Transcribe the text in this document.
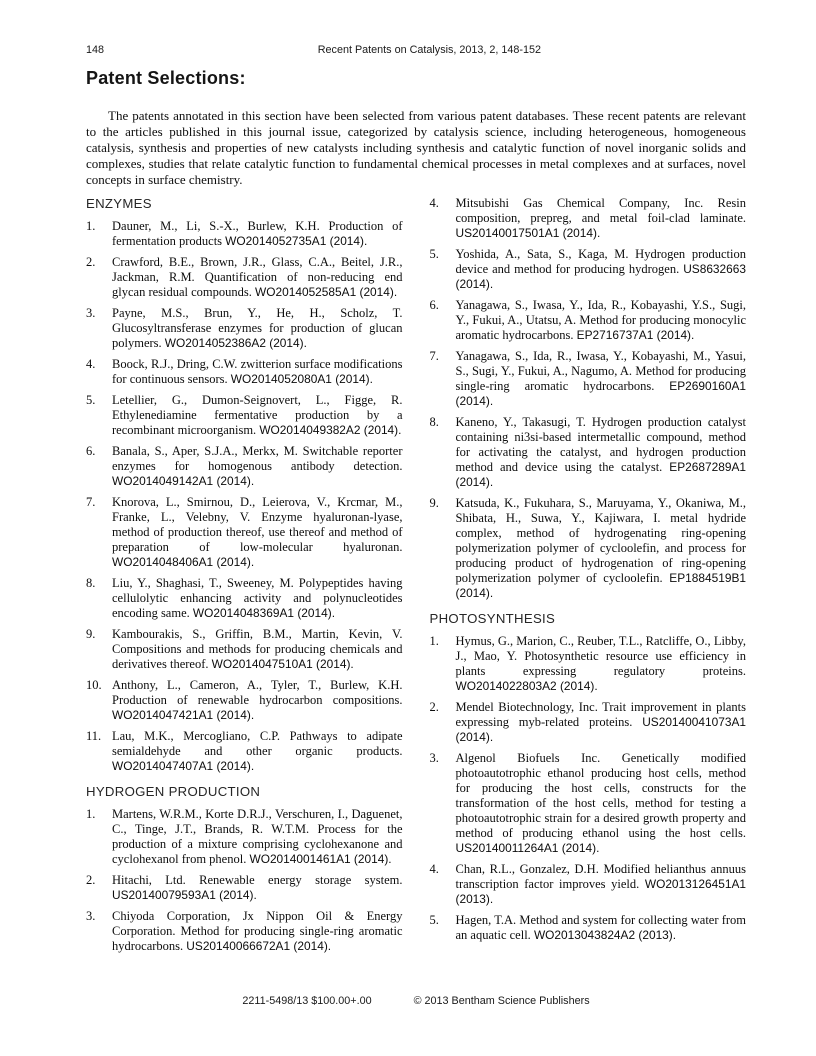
148	Recent Patents on Catalysis, 2013, 2, 148-152
Patent Selections:

The patents annotated in this section have been selected from various patent databases. These recent patents are relevant to the articles published in this journal issue, categorized by catalysis science, including heterogeneous, homogeneous catalysis, synthesis and properties of new catalysts including synthesis and catalytic function of novel inorganic solids and complexes, studies that relate catalytic function to fundamental chemical processes in metal complexes and at surfaces, novel concepts in surface chemistry.

ENZYMES
1.	Dauner, M., Li, S.-X., Burlew, K.H. Production of fermentation products WO2014052735A1 (2014).
2.	Crawford, B.E., Brown, J.R., Glass, C.A., Beitel, J.R., Jackman, R.M. Quantification of non-reducing end glycan residual compounds. WO2014052585A1 (2014).
3.	Payne, M.S., Brun, Y., He, H., Scholz, T. Glucosyltransferase enzymes for production of glucan polymers. WO2014052386A2 (2014).
4.	Boock, R.J., Dring, C.W. zwitterion surface modifications for continuous sensors. WO2014052080A1 (2014).
5.	Letellier, G., Dumon-Seignovert, L., Figge, R. Ethylenediamine fermentative production by a recombinant microorganism. WO2014049382A2 (2014).
6.	Banala, S., Aper, S.J.A., Merkx, M. Switchable reporter enzymes for homogenous antibody detection. WO2014049142A1 (2014).
7.	Knorova, L., Smirnou, D., Leierova, V., Krcmar, M., Franke, L., Velebny, V. Enzyme hyaluronan-lyase, method of production thereof, use thereof and method of preparation of low-molecular hyaluronan. WO2014048406A1 (2014).
8.	Liu, Y., Shaghasi, T., Sweeney, M. Polypeptides having cellulolytic enhancing activity and polynucleotides encoding same. WO2014048369A1 (2014).
9.	Kambourakis, S., Griffin, B.M., Martin, Kevin, V. Compositions and methods for producing chemicals and derivatives thereof. WO2014047510A1 (2014).
10. Anthony, L., Cameron, A., Tyler, T., Burlew, K.H. Production of renewable hydrocarbon compositions. WO2014047421A1 (2014).
11. Lau, M.K., Mercogliano, C.P. Pathways to adipate semialdehyde and other organic products. WO2014047407A1 (2014).
HYDROGEN PRODUCTION
1.	Martens, W.R.M., Korte D.R.J., Verschuren, I., Daguenet, C., Tinge, J.T., Brands, R. W.T.M. Process for the production of a mixture comprising cyclohexanone and cyclohexanol from phenol. WO2014001461A1 (2014).
2.	Hitachi, Ltd. Renewable energy storage system. US20140079593A1 (2014).
3.	Chiyoda Corporation, Jx Nippon Oil & Energy Corporation. Method for producing single-ring aromatic hydrocarbons. US20140066672A1 (2014).
4.	Mitsubishi Gas Chemical Company, Inc. Resin composition, prepreg, and metal foil-clad laminate. US20140017501A1 (2014).
5.	Yoshida, A., Sata, S., Kaga, M. Hydrogen production device and method for producing hydrogen. US8632663 (2014).
6.	Yanagawa, S., Iwasa, Y., Ida, R., Kobayashi, Y.S., Sugi, Y., Fukui, A., Utatsu, A. Method for producing monocylic aromatic hydrocarbons. EP2716737A1 (2014).
7.	Yanagawa, S., Ida, R., Iwasa, Y., Kobayashi, M., Yasui, S., Sugi, Y., Fukui, A., Nagumo, A. Method for producing single-ring aromatic hydrocarbons. EP2690160A1 (2014).
8.	Kaneno, Y., Takasugi, T. Hydrogen production catalyst containing ni3si-based intermetallic compound, method for activating the catalyst, and hydrogen production method and device using the catalyst. EP2687289A1 (2014).
9.	Katsuda, K., Fukuhara, S., Maruyama, Y., Okaniwa, M., Shibata, H., Suwa, Y., Kajiwara, I. metal hydride complex, method of hydrogenating ring-opening polymerization polymer of cycloolefin, and process for producing product of hydrogenation of ring-opening polymerization polymer of cycloolefin. EP1884519B1 (2014).
PHOTOSYNTHESIS
1.	Hymus, G., Marion, C., Reuber, T.L., Ratcliffe, O., Libby, J., Mao, Y. Photosynthetic resource use efficiency in plants expressing regulatory proteins. WO2014022803A2 (2014).
2.	Mendel Biotechnology, Inc. Trait improvement in plants expressing myb-related proteins. US20140041073A1 (2014).
3.	Algenol Biofuels Inc. Genetically modified photoautotrophic ethanol producing host cells, method for producing the host cells, constructs for the transformation of the host cells, method for testing a photoautotrophic strain for a desired growth property and method of producing ethanol using the host cells. US20140011264A1 (2014).
4.	Chan, R.L., Gonzalez, D.H. Modified helianthus annuus transcription factor improves yield. WO2013126451A1 (2013).
5.	Hagen, T.A. Method and system for collecting water from an aquatic cell. WO2013043824A2 (2013).
2211-5498/13 $100.00+.00	© 2013 Bentham Science Publishers
